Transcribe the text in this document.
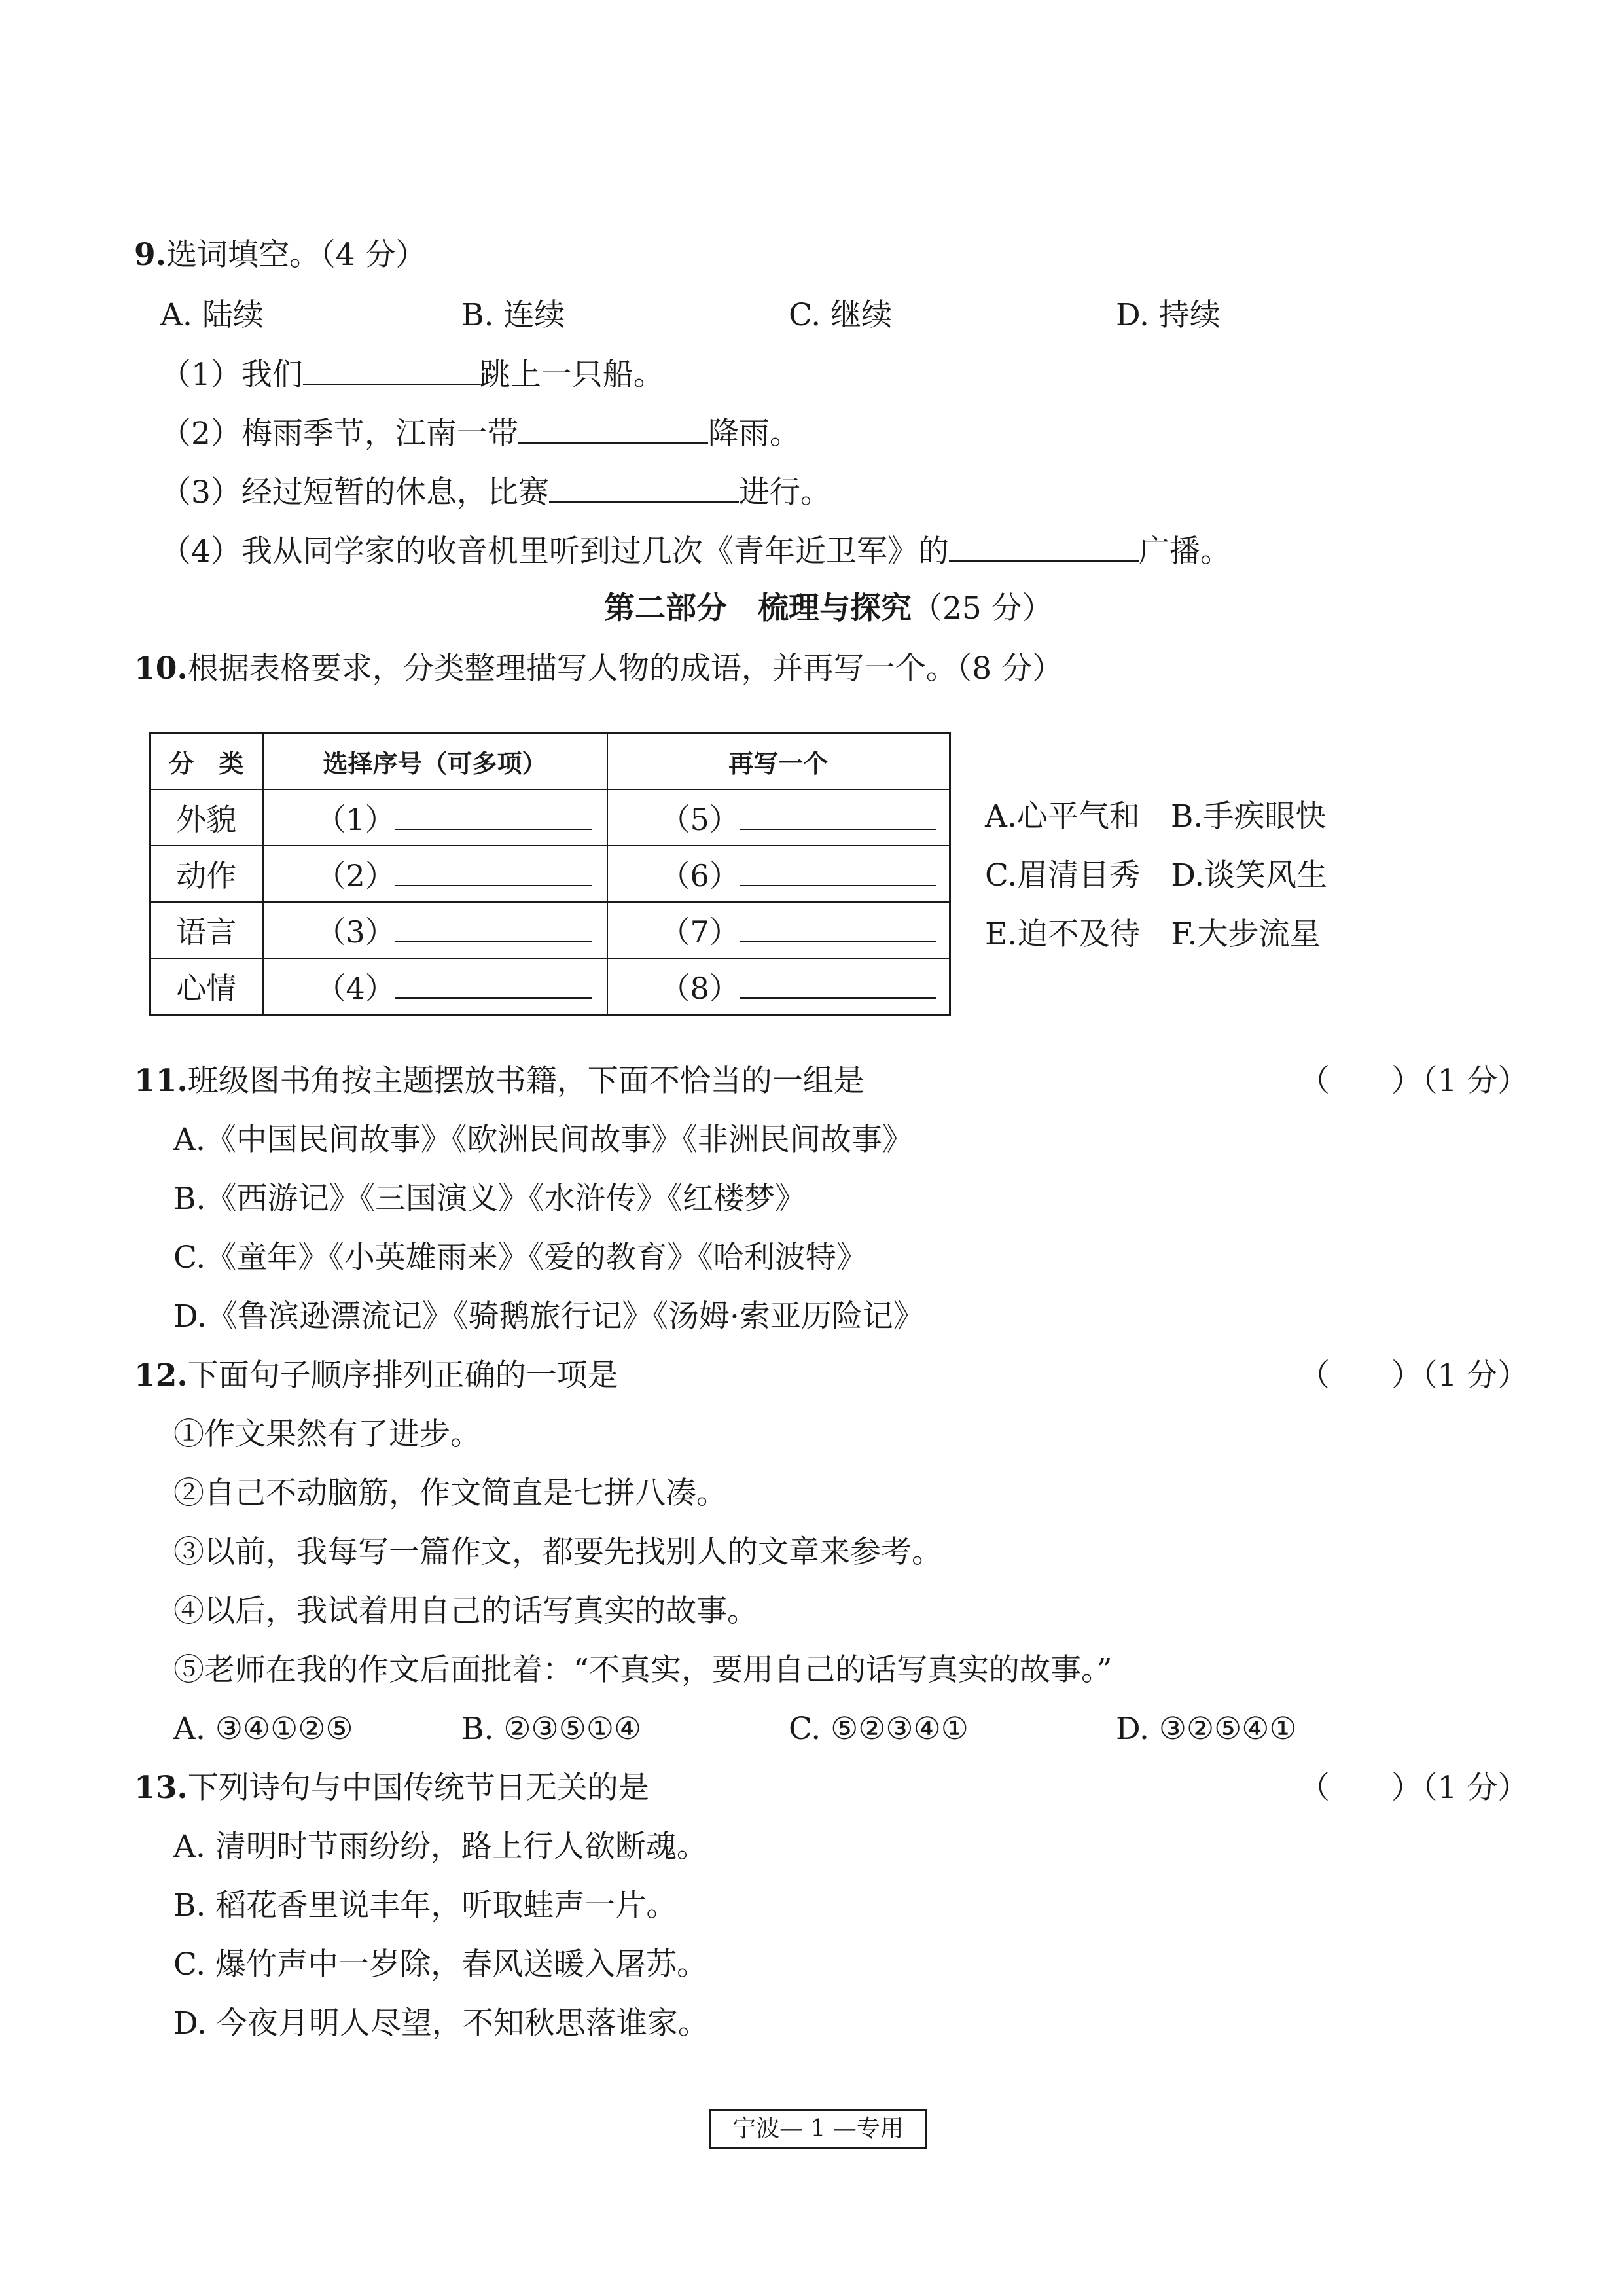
9.选词填空。（4 分）
A. 陆续	B. 连续	C. 继续	D. 持续
（1）我们	跳上一只船。
（2）梅雨季节，江南一带	降雨。
（3）经过短暂的休息，比赛	进行。
（4）我从同学家的收音机里听到过几次《青年近卫军》的	广播。
第二部分　梳理与探究（25 分）
10.根据表格要求，分类整理描写人物的成语，并再写一个。（8 分）
分　类	选择序号（可多项）	再写一个
外貌	（1）	（5）
动作	（2）	（6）
语言	（3）	（7）
心情	（4）	（8）
A.心平气和　B.手疾眼快
C.眉清目秀　D.谈笑风生
E.迫不及待　F.大步流星
11.班级图书角按主题摆放书籍，下面不恰当的一组是	（　　）（1 分）
A.《中国民间故事》《欧洲民间故事》《非洲民间故事》
B.《西游记》《三国演义》《水浒传》《红楼梦》
C.《童年》《小英雄雨来》《爱的教育》《哈利波特》
D.《鲁滨逊漂流记》《骑鹅旅行记》《汤姆·索亚历险记》
12.下面句子顺序排列正确的一项是	（　　）（1 分）
①作文果然有了进步。
②自己不动脑筋，作文简直是七拼八凑。
③以前，我每写一篇作文，都要先找别人的文章来参考。
④以后，我试着用自己的话写真实的故事。
⑤老师在我的作文后面批着：“不真实，要用自己的话写真实的故事。”
A. ③④①②⑤	B. ②③⑤①④	C. ⑤②③④①	D. ③②⑤④①
13.下列诗句与中国传统节日无关的是	（　　）（1 分）
A. 清明时节雨纷纷，路上行人欲断魂。
B. 稻花香里说丰年，听取蛙声一片。
C. 爆竹声中一岁除，春风送暖入屠苏。
D. 今夜月明人尽望，不知秋思落谁家。
宁波— 1 —专用
